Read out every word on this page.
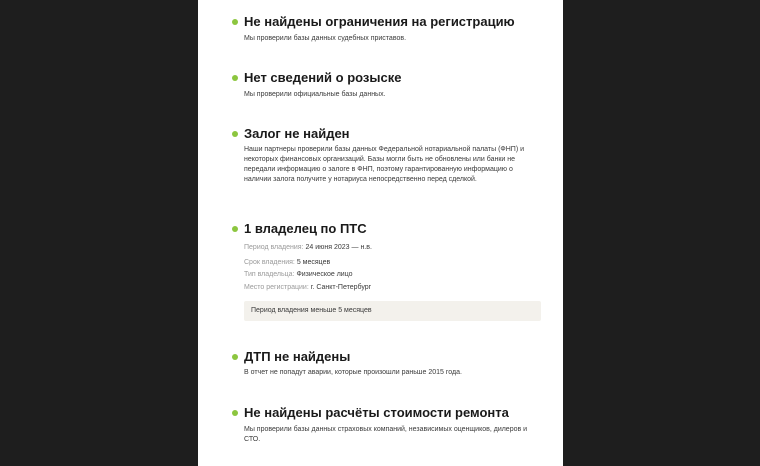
Не найдены ограничения на регистрацию

Мы проверили базы данных судебных приставов.

Нет сведений о розыске

Мы проверили официальные базы данных.

Залог не найден

Наши партнеры проверили базы данных Федеральной нотариальной палаты (ФНП) и некоторых финансовых организаций. Базы могли быть не обновлены или банки не передали информацию о залоге в ФНП, поэтому гарантированную информацию о наличии залога получите у нотариуса непосредственно перед сделкой.

1 владелец по ПТС

Период владения: 24 июня 2023 — н.в.

Срок владения: 5 месяцев

Тип владельца: Физическое лицо

Место регистрации: г. Санкт-Петербург

Период владения меньше 5 месяцев
ДТП не найдены

В отчет не попадут аварии, которые произошли раньше 2015 года.

Не найдены расчёты стоимости ремонта

Мы проверили базы данных страховых компаний, независимых оценщиков, дилеров и СТО.
